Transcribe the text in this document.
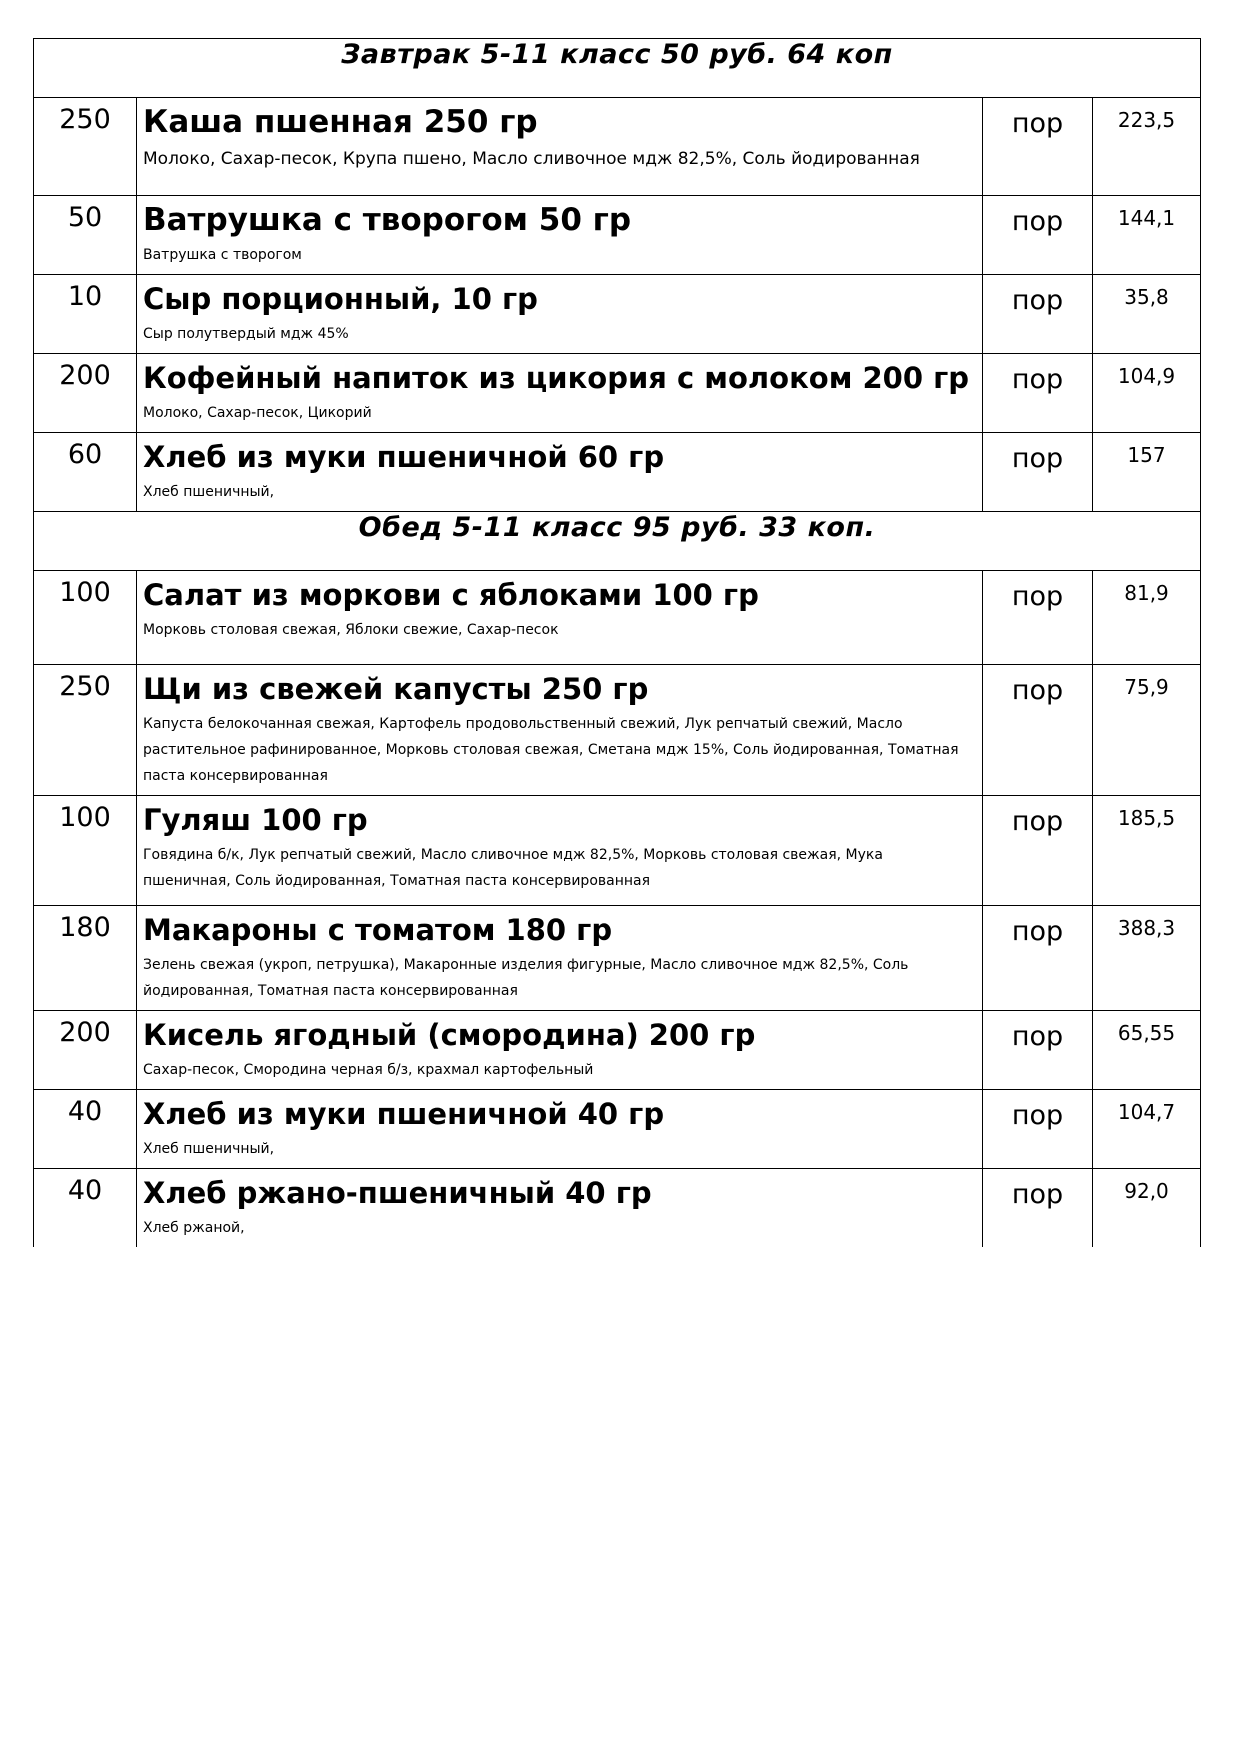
Завтрак 5-11 класс 50 руб. 64 коп			
250	Каша пшенная 250 гр
Молоко, Сахар-песок, Крупа пшено, Масло сливочное мдж 82,5%, Соль йодированная	пор	223,5
50	Ватрушка с творогом 50 гр
Ватрушка с творогом	пор	144,1
10	Сыр порционный, 10 гр
Сыр полутвердый мдж 45%	пор	35,8
200	Кофейный напиток из цикория с молоком 200 гр
Молоко, Сахар-песок, Цикорий	пор	104,9
60	Хлеб из муки пшеничной 60 гр
Хлеб пшеничный,	пор	157
Обед 5-11 класс 95 руб. 33 коп.			
100	Салат из моркови с яблоками 100 гр
Морковь столовая свежая, Яблоки свежие, Сахар-песок	пор	81,9
250	Щи из свежей капусты 250 гр
Капуста белокочанная свежая, Картофель продовольственный свежий, Лук репчатый свежий, Масло растительное рафинированное, Морковь столовая свежая, Сметана мдж 15%, Соль йодированная, Томатная паста консервированная	пор	75,9
100	Гуляш 100 гр
Говядина б/к, Лук репчатый свежий, Масло сливочное мдж 82,5%, Морковь столовая свежая, Мука пшеничная, Соль йодированная, Томатная паста консервированная	пор	185,5
180	Макароны с томатом 180 гр
Зелень свежая (укроп, петрушка), Макаронные изделия фигурные, Масло сливочное мдж 82,5%, Соль йодированная, Томатная паста консервированная	пор	388,3
200	Кисель ягодный (смородина) 200 гр
Сахар-песок, Смородина черная б/з, крахмал картофельный	пор	65,55
40	Хлеб из муки пшеничной 40 гр
Хлеб пшеничный,	пор	104,7
40	Хлеб ржано-пшеничный 40 гр
Хлеб ржаной,	пор	92,0
